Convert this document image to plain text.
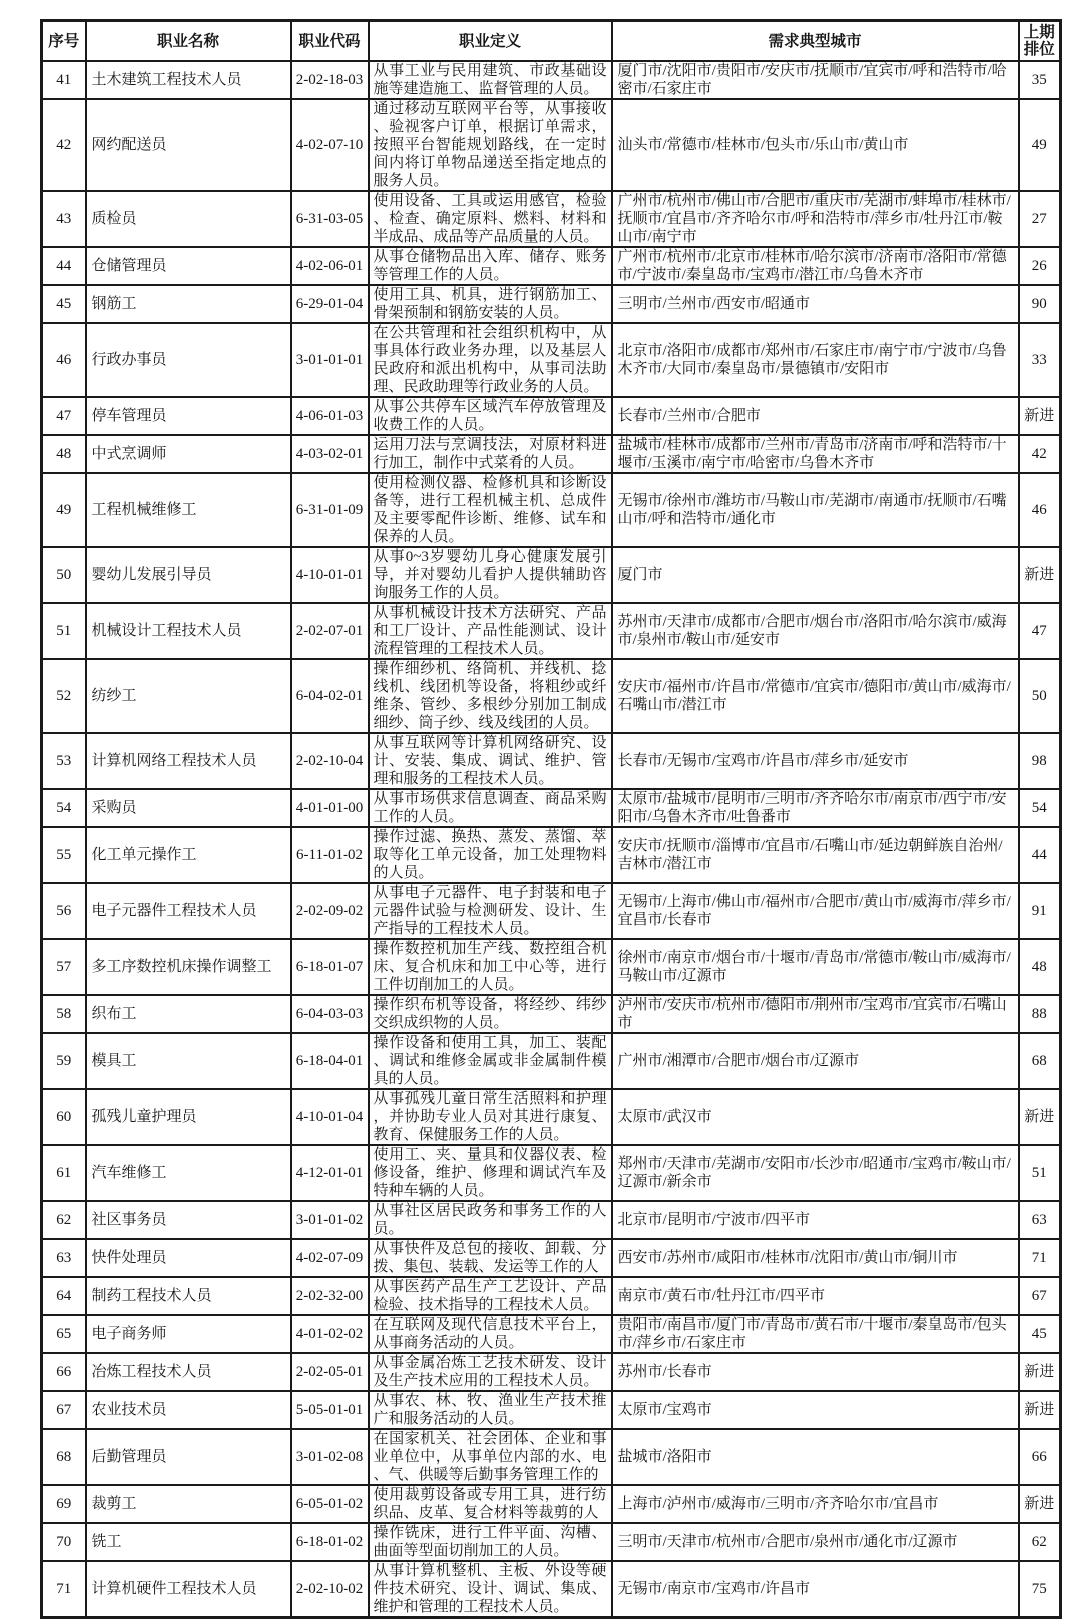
序号	职业名称	职业代码	职业定义	需求典型城市	上期排位
41	土木建筑工程技术人员	2-02-18-03	从事工业与民用建筑、市政基础设施等建造施工、监督管理的人员。	厦门市/沈阳市/贵阳市/安庆市/抚顺市/宜宾市/呼和浩特市/哈密市/石家庄市	35
42	网约配送员	4-02-07-10	通过移动互联网平台等，从事接收、验视客户订单，根据订单需求，按照平台智能规划路线，在一定时间内将订单物品递送至指定地点的服务人员。	汕头市/常德市/桂林市/包头市/乐山市/黄山市	49
43	质检员	6-31-03-05	使用设备、工具或运用感官，检验、检查、确定原料、燃料、材料和半成品、成品等产品质量的人员。	广州市/杭州市/佛山市/合肥市/重庆市/芜湖市/蚌埠市/桂林市/抚顺市/宜昌市/齐齐哈尔市/呼和浩特市/萍乡市/牡丹江市/鞍山市/南宁市	27
44	仓储管理员	4-02-06-01	从事仓储物品出入库、储存、账务等管理工作的人员。	广州市/杭州市/北京市/桂林市/哈尔滨市/济南市/洛阳市/常德市/宁波市/秦皇岛市/宝鸡市/潜江市/乌鲁木齐市	26
45	钢筋工	6-29-01-04	使用工具、机具，进行钢筋加工、骨架预制和钢筋安装的人员。	三明市/兰州市/西安市/昭通市	90
46	行政办事员	3-01-01-01	在公共管理和社会组织机构中，从事具体行政业务办理，以及基层人民政府和派出机构中，从事司法助理、民政助理等行政业务的人员。	北京市/洛阳市/成都市/郑州市/石家庄市/南宁市/宁波市/乌鲁木齐市/大同市/秦皇岛市/景德镇市/安阳市	33
47	停车管理员	4-06-01-03	从事公共停车区域汽车停放管理及收费工作的人员。	长春市/兰州市/合肥市	新进
48	中式烹调师	4-03-02-01	运用刀法与烹调技法，对原材料进行加工，制作中式菜肴的人员。	盐城市/桂林市/成都市/兰州市/青岛市/济南市/呼和浩特市/十堰市/玉溪市/南宁市/哈密市/乌鲁木齐市	42
49	工程机械维修工	6-31-01-09	使用检测仪器、检修机具和诊断设备等，进行工程机械主机、总成件及主要零配件诊断、维修、试车和保养的人员。	无锡市/徐州市/潍坊市/马鞍山市/芜湖市/南通市/抚顺市/石嘴山市/呼和浩特市/通化市	46
50	婴幼儿发展引导员	4-10-01-01	从事0~3岁婴幼儿身心健康发展引导，并对婴幼儿看护人提供辅助咨询服务工作的人员。	厦门市	新进
51	机械设计工程技术人员	2-02-07-01	从事机械设计技术方法研究、产品和工厂设计、产品性能测试、设计流程管理的工程技术人员。	苏州市/天津市/成都市/合肥市/烟台市/洛阳市/哈尔滨市/威海市/泉州市/鞍山市/延安市	47
52	纺纱工	6-04-02-01	操作细纱机、络筒机、并线机、捻线机、线团机等设备，将粗纱或纤维条、管纱、多根纱分别加工制成细纱、筒子纱、线及线团的人员。	安庆市/福州市/许昌市/常德市/宜宾市/德阳市/黄山市/威海市/石嘴山市/潜江市	50
53	计算机网络工程技术人员	2-02-10-04	从事互联网等计算机网络研究、设计、安装、集成、调试、维护、管理和服务的工程技术人员。	长春市/无锡市/宝鸡市/许昌市/萍乡市/延安市	98
54	采购员	4-01-01-00	从事市场供求信息调查、商品采购工作的人员。	太原市/盐城市/昆明市/三明市/齐齐哈尔市/南京市/西宁市/安阳市/乌鲁木齐市/吐鲁番市	54
55	化工单元操作工	6-11-01-02	操作过滤、换热、蒸发、蒸馏、萃取等化工单元设备，加工处理物料的人员。	安庆市/抚顺市/淄博市/宜昌市/石嘴山市/延边朝鲜族自治州/吉林市/潜江市	44
56	电子元器件工程技术人员	2-02-09-02	从事电子元器件、电子封装和电子元器件试验与检测研发、设计、生产指导的工程技术人员。	无锡市/上海市/佛山市/福州市/合肥市/黄山市/威海市/萍乡市/宜昌市/长春市	91
57	多工序数控机床操作调整工	6-18-01-07	操作数控机加生产线、数控组合机床、复合机床和加工中心等，进行工件切削加工的人员。	徐州市/南京市/烟台市/十堰市/青岛市/常德市/鞍山市/威海市/马鞍山市/辽源市	48
58	织布工	6-04-03-03	操作织布机等设备，将经纱、纬纱交织成织物的人员。	泸州市/安庆市/杭州市/德阳市/荆州市/宝鸡市/宜宾市/石嘴山市	88
59	模具工	6-18-04-01	操作设备和使用工具，加工、装配、调试和维修金属或非金属制件模具的人员。	广州市/湘潭市/合肥市/烟台市/辽源市	68
60	孤残儿童护理员	4-10-01-04	从事孤残儿童日常生活照料和护理，并协助专业人员对其进行康复、教育、保健服务工作的人员。	太原市/武汉市	新进
61	汽车维修工	4-12-01-01	使用工、夹、量具和仪器仪表、检修设备，维护、修理和调试汽车及特种车辆的人员。	郑州市/天津市/芜湖市/安阳市/长沙市/昭通市/宝鸡市/鞍山市/辽源市/新余市	51
62	社区事务员	3-01-01-02	从事社区居民政务和事务工作的人员。	北京市/昆明市/宁波市/四平市	63
63	快件处理员	4-02-07-09	从事快件及总包的接收、卸载、分拨、集包、装载、发运等工作的人	西安市/苏州市/咸阳市/桂林市/沈阳市/黄山市/铜川市	71
64	制药工程技术人员	2-02-32-00	从事医药产品生产工艺设计、产品检验、技术指导的工程技术人员。	南京市/黄石市/牡丹江市/四平市	67
65	电子商务师	4-01-02-02	在互联网及现代信息技术平台上，从事商务活动的人员。	贵阳市/南昌市/厦门市/青岛市/黄石市/十堰市/秦皇岛市/包头市/萍乡市/石家庄市	45
66	冶炼工程技术人员	2-02-05-01	从事金属冶炼工艺技术研发、设计及生产技术应用的工程技术人员。	苏州市/长春市	新进
67	农业技术员	5-05-01-01	从事农、林、牧、渔业生产技术推广和服务活动的人员。	太原市/宝鸡市	新进
68	后勤管理员	3-01-02-08	在国家机关、社会团体、企业和事业单位中，从事单位内部的水、电、气、供暖等后勤事务管理工作的	盐城市/洛阳市	66
69	裁剪工	6-05-01-02	使用裁剪设备或专用工具，进行纺织品、皮革、复合材料等裁剪的人	上海市/泸州市/威海市/三明市/齐齐哈尔市/宜昌市	新进
70	铣工	6-18-01-02	操作铣床，进行工件平面、沟槽、曲面等型面切削加工的人员。	三明市/天津市/杭州市/合肥市/泉州市/通化市/辽源市	62
71	计算机硬件工程技术人员	2-02-10-02	从事计算机整机、主板、外设等硬件技术研究、设计、调试、集成、维护和管理的工程技术人员。	无锡市/南京市/宝鸡市/许昌市	75
